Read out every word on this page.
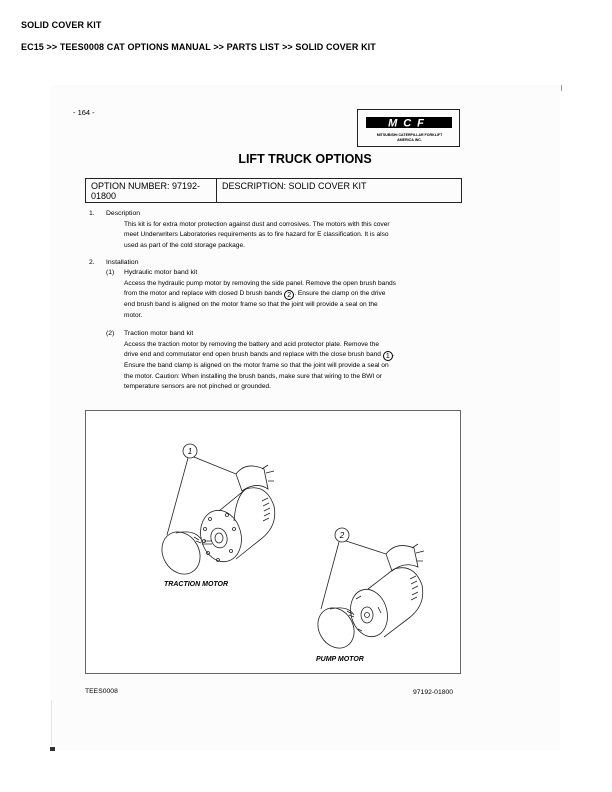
SOLID COVER KIT
EC15 >> TEES0008 CAT OPTIONS MANUAL >> PARTS LIST >> SOLID COVER KIT
- 164 -
MCF
MITSUBISHI CATERPILLAR FORKLIFT
AMERICA INC.
LIFT TRUCK OPTIONS
OPTION NUMBER: 97192-01800
DESCRIPTION: SOLID COVER KIT
1. Description
This kit is for extra motor protection against dust and corrosives. The motors with this cover
meet Underwriters Laboratories requirements as to fire hazard for E classification. It is also
used as part of the cold storage package.
2. Installation
(1) Hydraulic motor band kit
Access the hydraulic pump motor by removing the side panel. Remove the open brush bands
from the motor and replace with closed D brush bands 2 . Ensure the clamp on the drive
end brush band is aligned on the motor frame so that the joint will provide a seal on the
motor.
(2) Traction motor band kit
Access the traction motor by removing the battery and acid protector plate. Remove the
drive end and commutator end open brush bands and replace with the close brush band 1 .
Ensure the band clamp is aligned on the motor frame so that the joint will provide a seal on
the motor. Caution: When installing the brush bands, make sure that wiring to the BWI or
temperature sensors are not pinched or grounded.
1
2
TRACTION MOTOR
PUMP MOTOR
TEES0008	97192-01800
